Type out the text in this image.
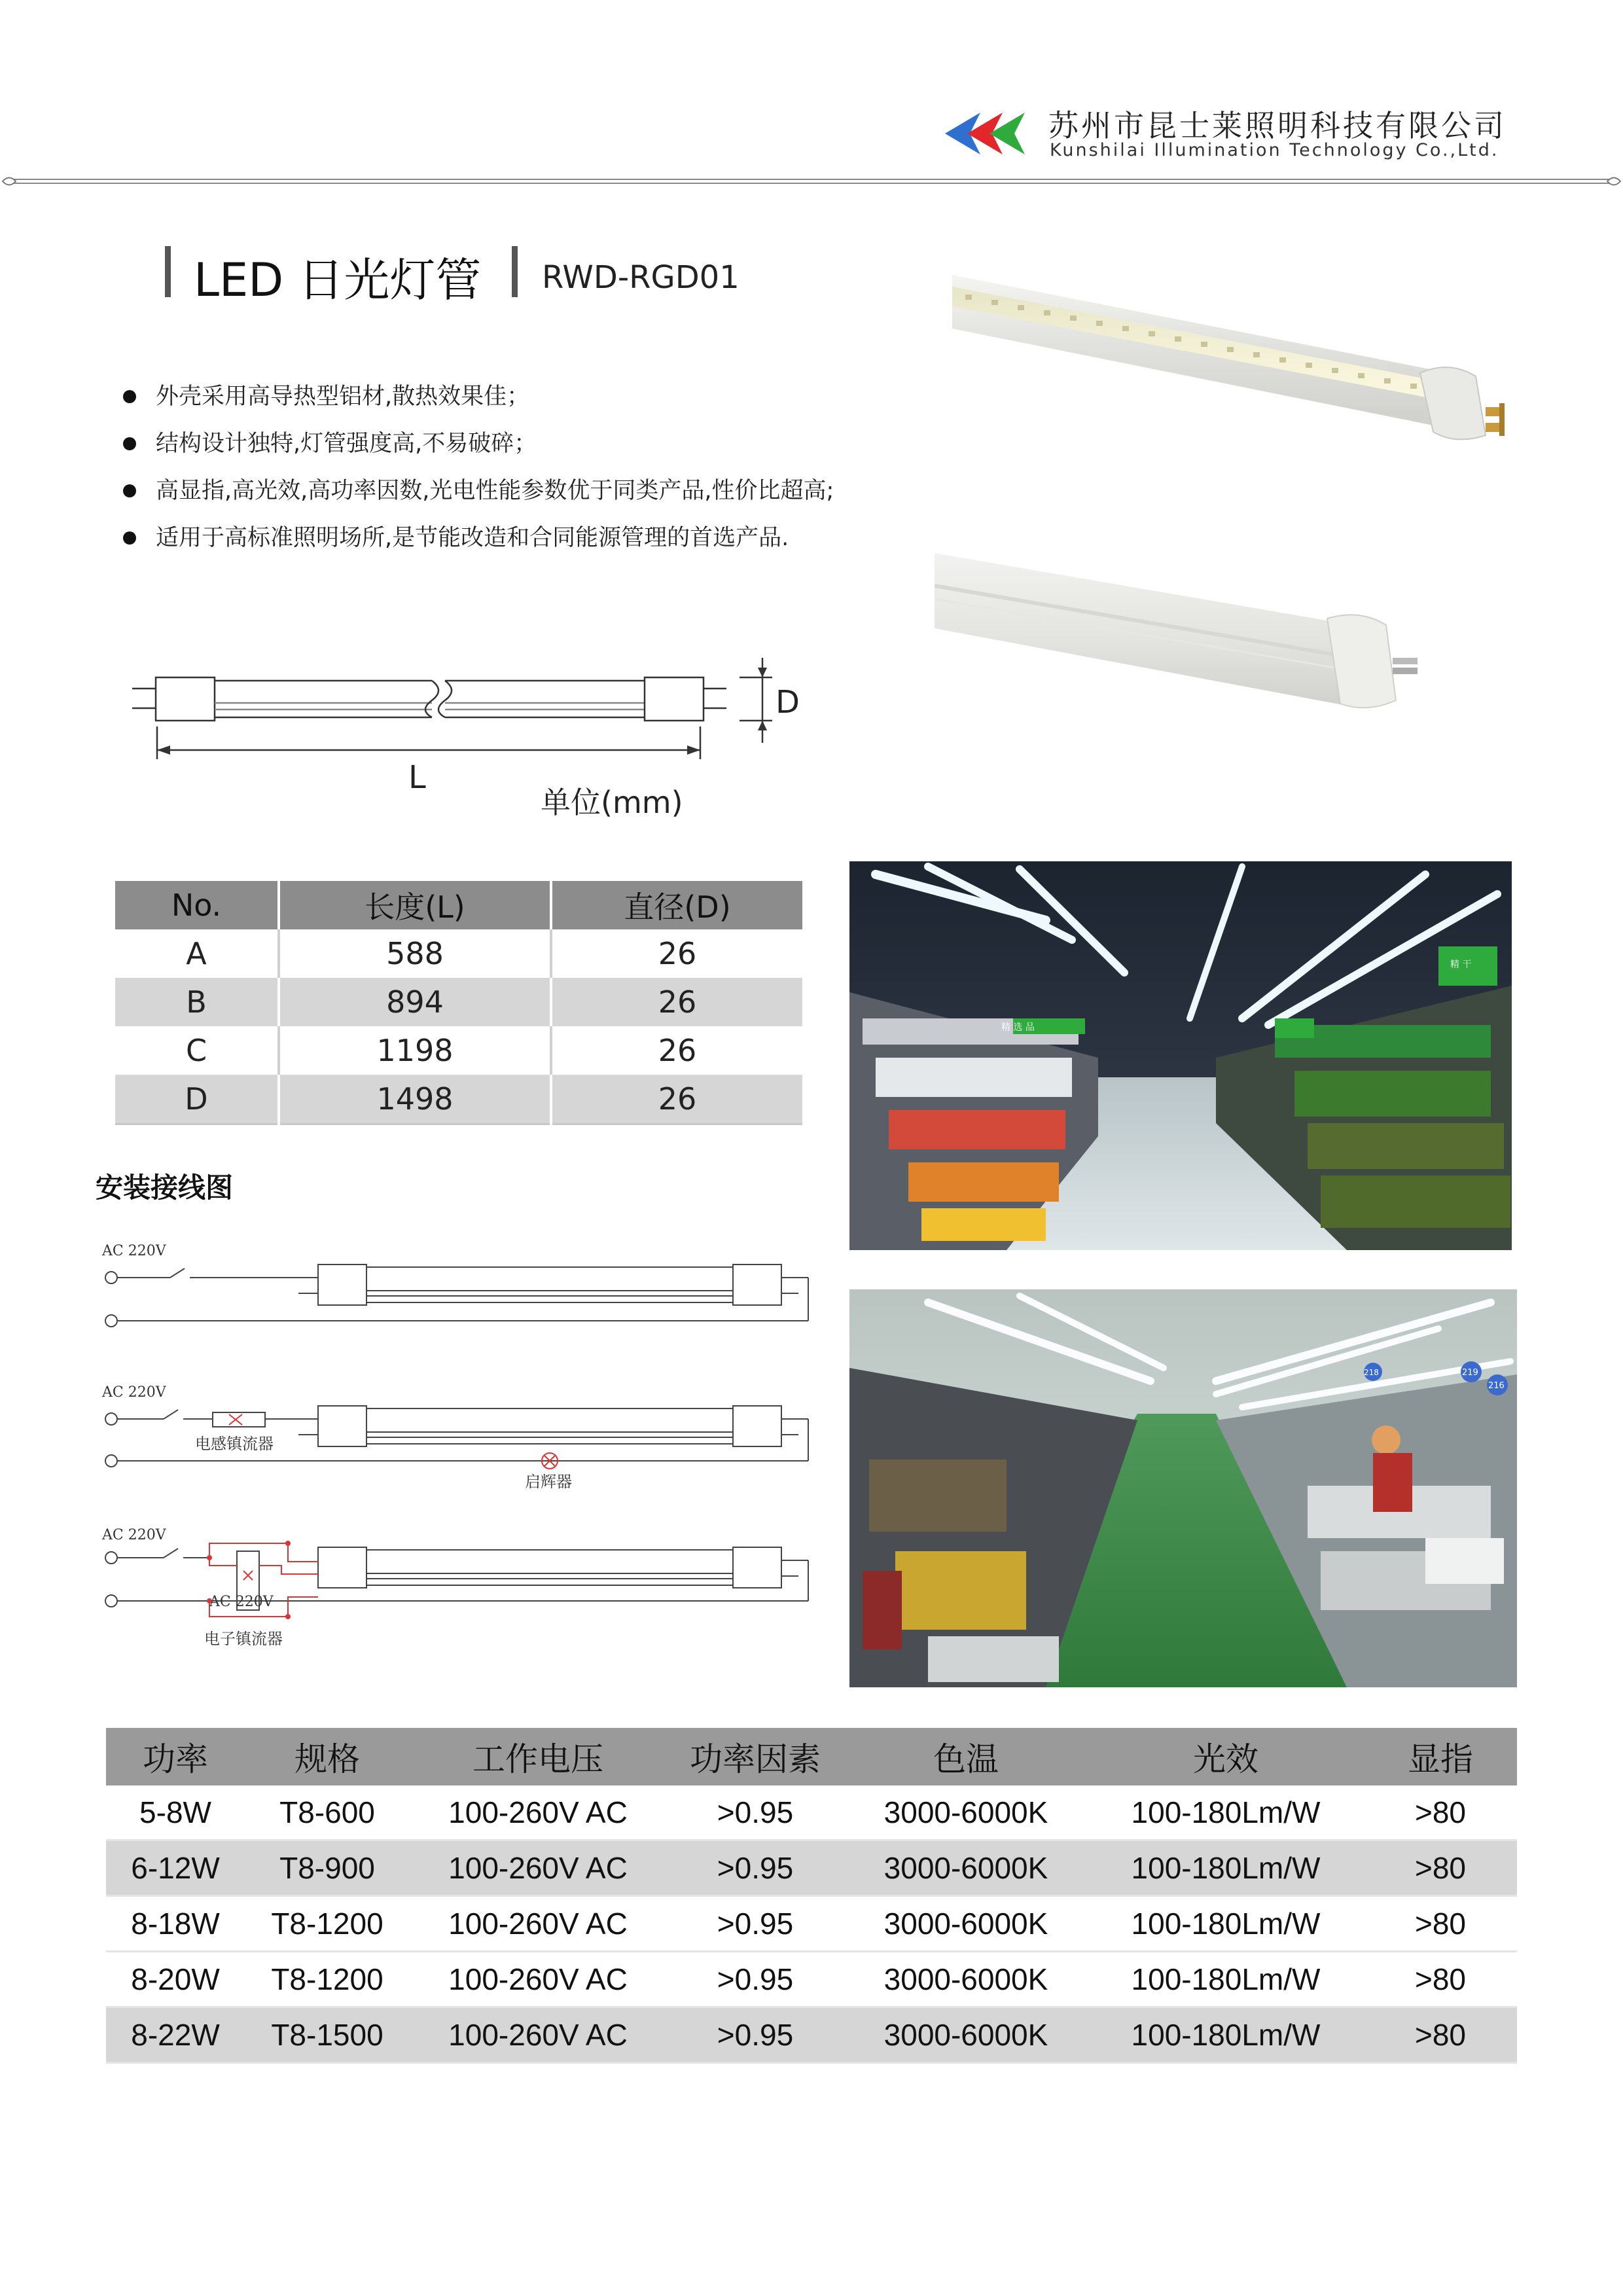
苏州市昆士莱照明科技有限公司
Kunshilai Illumination Technology Co.,Ltd.
LED 日光灯管 RWD-RGD01
外壳采用高导热型铝材,散热效果佳；
结构设计独特,灯管强度高,不易破碎；
高显指,高光效,高功率因数,光电性能参数优于同类产品,性价比超高;
适用于高标准照明场所,是节能改造和合同能源管理的首选产品.
D
L
单位(mm)
No.	长度(L)	直径(D)
A	588	26
B	894	26
C	1198	26
D	1498	26
安装接线图
AC 220V
AC 220V
电感镇流器
启辉器
AC 220V
AC 220V
电子镇流器
精 选 品
精 干
218	219
216
功率	规格	工作电压	功率因素	色温	光效	显指
5-8W	T8-600	100-260V AC	>0.95	3000-6000K	100-180Lm/W	>80
6-12W	T8-900	100-260V AC	>0.95	3000-6000K	100-180Lm/W	>80
8-18W	T8-1200	100-260V AC	>0.95	3000-6000K	100-180Lm/W	>80
8-20W	T8-1200	100-260V AC	>0.95	3000-6000K	100-180Lm/W	>80
8-22W	T8-1500	100-260V AC	>0.95	3000-6000K	100-180Lm/W	>80
